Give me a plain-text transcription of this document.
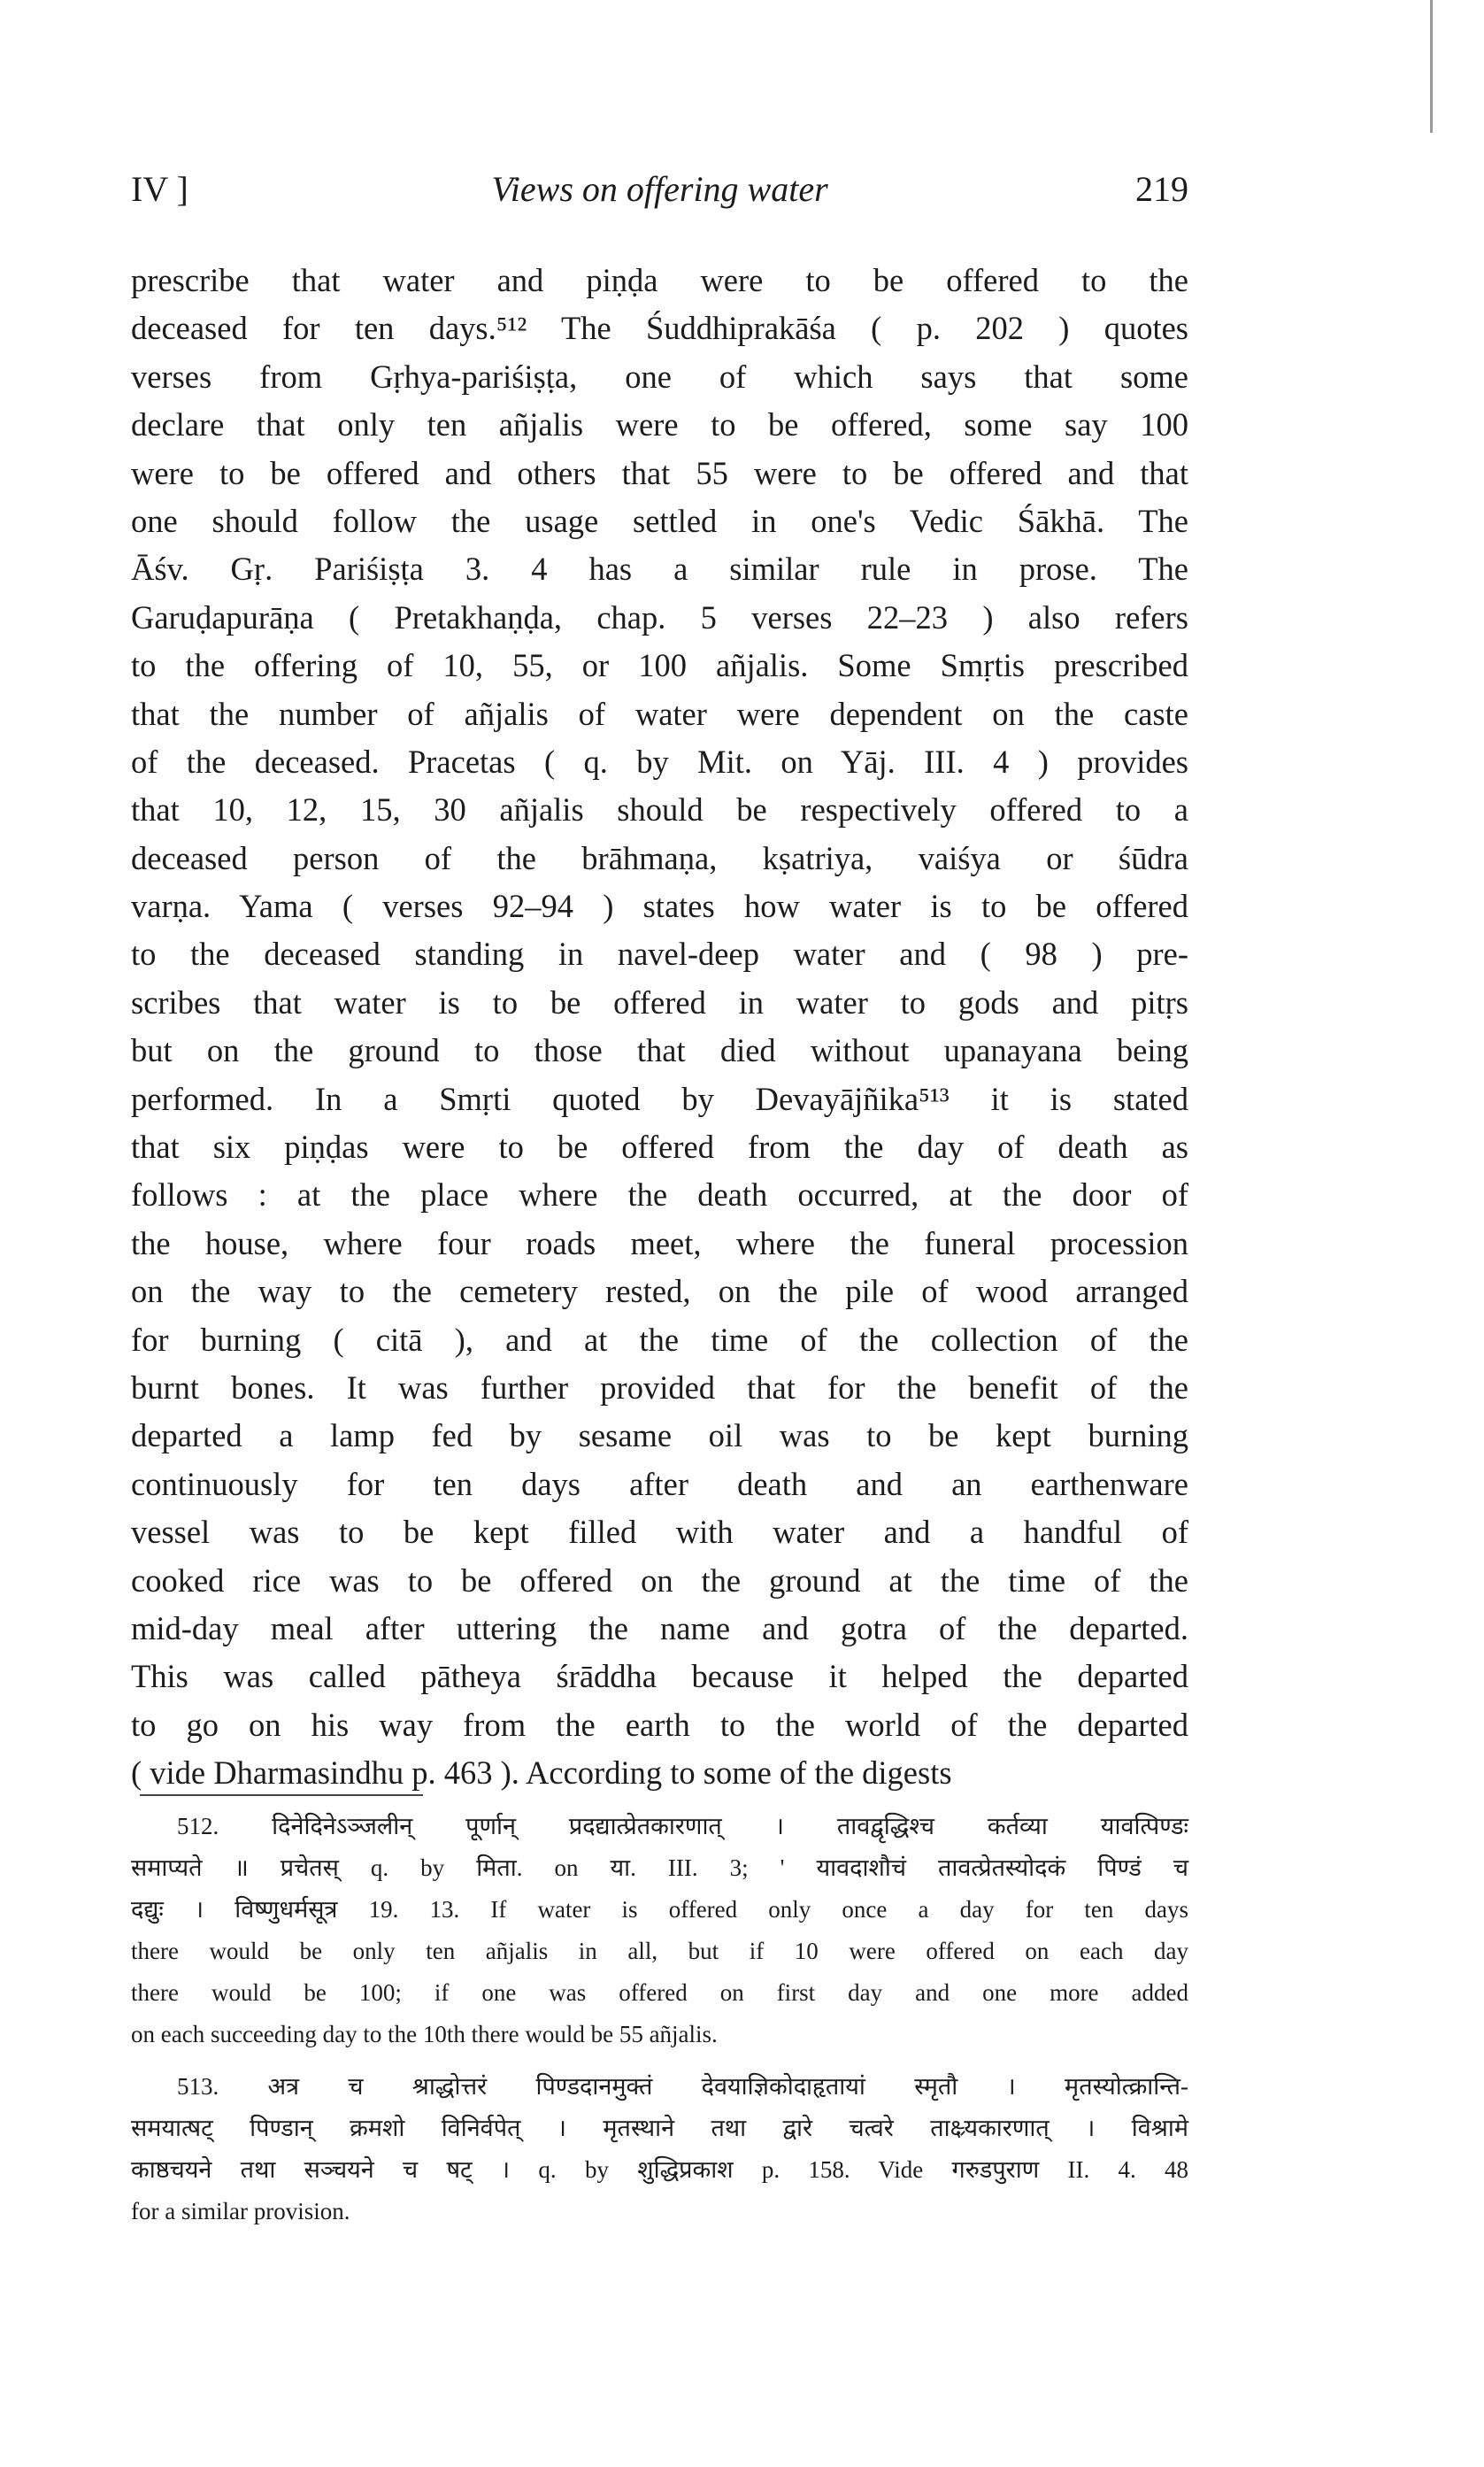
IV ]	Views on offering water	219
prescribe that water and piṇḍa were to be offered to the
deceased for ten days.⁵¹² The Śuddhiprakāśa ( p. 202 ) quotes
verses from Gṛhya-pariśiṣṭa, one of which says that some
declare that only ten añjalis were to be offered, some say 100
were to be offered and others that 55 were to be offered and that
one should follow the usage settled in one's Vedic Śākhā. The
Āśv. Gṛ. Pariśiṣṭa 3. 4 has a similar rule in prose. The
Garuḍapurāṇa ( Pretakhaṇḍa, chap. 5 verses 22–23 ) also refers
to the offering of 10, 55, or 100 añjalis. Some Smṛtis prescribed
that the number of añjalis of water were dependent on the caste
of the deceased. Pracetas ( q. by Mit. on Yāj. III. 4 ) provides
that 10, 12, 15, 30 añjalis should be respectively offered to a
deceased person of the brāhmaṇa, kṣatriya, vaiśya or śūdra
varṇa. Yama ( verses 92–94 ) states how water is to be offered
to the deceased standing in navel-deep water and ( 98 ) pre-
scribes that water is to be offered in water to gods and pitṛs
but on the ground to those that died without upanayana being
performed. In a Smṛti quoted by Devayājñika⁵¹³ it is stated
that six piṇḍas were to be offered from the day of death as
follows : at the place where the death occurred, at the door of
the house, where four roads meet, where the funeral procession
on the way to the cemetery rested, on the pile of wood arranged
for burning ( citā ), and at the time of the collection of the
burnt bones. It was further provided that for the benefit of the
departed a lamp fed by sesame oil was to be kept burning
continuously for ten days after death and an earthenware
vessel was to be kept filled with water and a handful of
cooked rice was to be offered on the ground at the time of the
mid-day meal after uttering the name and gotra of the departed.
This was called pātheya śrāddha because it helped the departed
to go on his way from the earth to the world of the departed
( vide Dharmasindhu p. 463 ). According to some of the digests
512. दिनेदिनेऽञ्जलीन् पूर्णान् प्रदद्यात्प्रेतकारणात् । तावद्वृद्धिश्च कर्तव्या यावत्पिण्डः
समाप्यते ॥ प्रचेतस् q. by मिता. on या. III. 3; ' यावदाशौचं तावत्प्रेतस्योदकं पिण्डं च
दद्युः । विष्णुधर्मसूत्र 19. 13. If water is offered only once a day for ten days
there would be only ten añjalis in all, but if 10 were offered on each day
there would be 100; if one was offered on first day and one more added
on each succeeding day to the 10th there would be 55 añjalis.
513. अत्र च श्राद्धोत्तरं पिण्डदानमुक्तं देवयाज्ञिकोदाहृतायां स्मृतौ । मृतस्योत्क्रान्ति-
समयात्षट् पिण्डान् क्रमशो विनिर्वपेत् । मृतस्थाने तथा द्वारे चत्वरे ताक्ष्र्यकारणात् । विश्रामे
काष्ठचयने तथा सञ्चयने च षट् । q. by शुद्धिप्रकाश p. 158. Vide गरुडपुराण II. 4. 48
for a similar provision.
